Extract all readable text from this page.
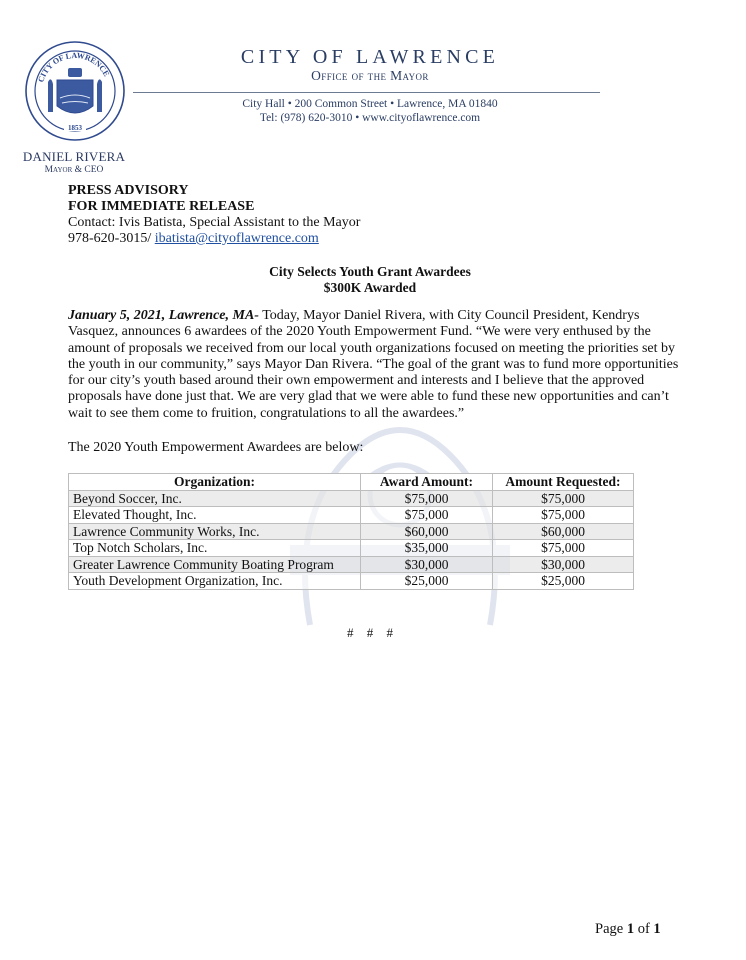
CITY OF LAWRENCE
1853
DANIEL RIVERA
Mayor & CEO
CITY OF LAWRENCE
Office of the Mayor
City Hall • 200 Common Street • Lawrence, MA 01840
Tel: (978) 620-3010 • www.cityoflawrence.com
PRESS ADVISORY
FOR IMMEDIATE RELEASE
Contact: Ivis Batista, Special Assistant to the Mayor
978-620-3015/ ibatista@cityoflawrence.com
City Selects Youth Grant Awardees
$300K Awarded
January 5, 2021, Lawrence, MA- Today, Mayor Daniel Rivera, with City Council President, Kendrys Vasquez, announces 6 awardees of the 2020 Youth Empowerment Fund. “We were very enthused by the amount of proposals we received from our local youth organizations focused on meeting the priorities set by the youth in our community,” says Mayor Dan Rivera. “The goal of the grant was to fund more opportunities for our city’s youth based around their own empowerment and interests and I believe that the approved proposals have done just that. We are very glad that we were able to fund these new opportunities and can’t wait to see them come to fruition, congratulations to all the awardees.”
The 2020 Youth Empowerment Awardees are below:
Organization:	Award Amount:	Amount Requested:
Beyond Soccer, Inc.	$75,000	$75,000
Elevated Thought, Inc.	$75,000	$75,000
Lawrence Community Works, Inc.	$60,000	$60,000
Top Notch Scholars, Inc.	$35,000	$75,000
Greater Lawrence Community Boating Program	$30,000	$30,000
Youth Development Organization, Inc.	$25,000	$25,000
# # #
Page 1 of 1
